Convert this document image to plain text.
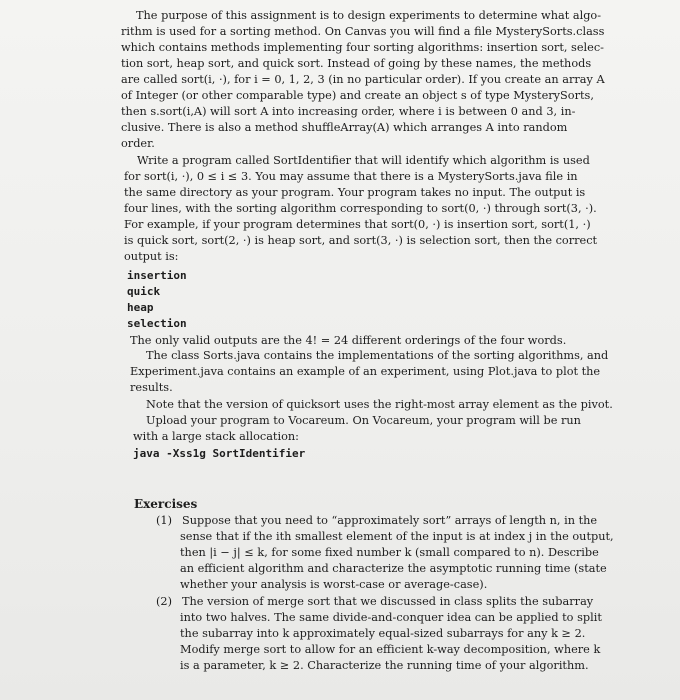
The purpose of this assignment is to design experiments to determine what algo-
rithm is used for a sorting method. On Canvas you will find a file MysterySorts.class
which contains methods implementing four sorting algorithms: insertion sort, selec-
tion sort, heap sort, and quick sort. Instead of going by these names, the methods
are called sort(i, ·), for i = 0, 1, 2, 3 (in no particular order). If you create an array A
of Integer (or other comparable type) and create an object s of type MysterySorts,
then s.sort(i,A) will sort A into increasing order, where i is between 0 and 3, in-
clusive. There is also a method shuffleArray(A) which arranges A into random
order.
Write a program called SortIdentifier that will identify which algorithm is used
for sort(i, ·), 0 ≤ i ≤ 3. You may assume that there is a MysterySorts.java file in
the same directory as your program. Your program takes no input. The output is
four lines, with the sorting algorithm corresponding to sort(0, ·) through sort(3, ·).
For example, if your program determines that sort(0, ·) is insertion sort, sort(1, ·)
is quick sort, sort(2, ·) is heap sort, and sort(3, ·) is selection sort, then the correct
output is:
insertion
quick
heap
selection
The only valid outputs are the 4! = 24 different orderings of the four words.
The class Sorts.java contains the implementations of the sorting algorithms, and
Experiment.java contains an example of an experiment, using Plot.java to plot the
results.
Note that the version of quicksort uses the right-most array element as the pivot.
Upload your program to Vocareum. On Vocareum, your program will be run
with a large stack allocation:
java -Xss1g SortIdentifier
Exercises
(1) Suppose that you need to “approximately sort” arrays of length n, in the
sense that if the ith smallest element of the input is at index j in the output,
then |i − j| ≤ k, for some fixed number k (small compared to n). Describe
an efficient algorithm and characterize the asymptotic running time (state
whether your analysis is worst-case or average-case).
(2) The version of merge sort that we discussed in class splits the subarray
into two halves. The same divide-and-conquer idea can be applied to split
the subarray into k approximately equal-sized subarrays for any k ≥ 2.
Modify merge sort to allow for an efficient k-way decomposition, where k
is a parameter, k ≥ 2. Characterize the running time of your algorithm.
